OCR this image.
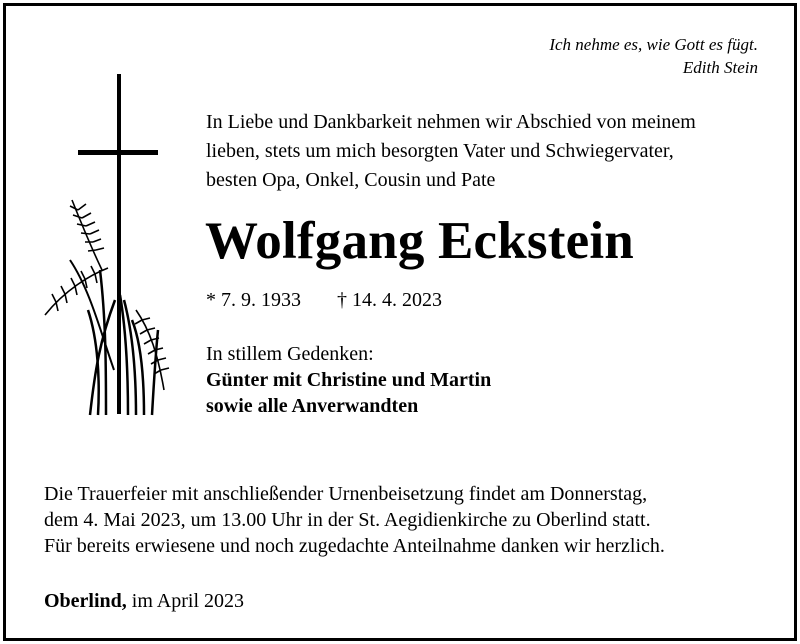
Ich nehme es, wie Gott es fügt.
Edith Stein
In Liebe und Dankbarkeit nehmen wir Abschied von meinem
lieben, stets um mich besorgten Vater und Schwiegervater,
besten Opa, Onkel, Cousin und Pate
Wolfgang Eckstein
* 7. 9. 1933 † 14. 4. 2023
In stillem Gedenken:
Günter mit Christine und Martin
sowie alle Anverwandten
Die Trauerfeier mit anschließender Urnenbeisetzung findet am Donnerstag,
dem 4. Mai 2023, um 13.00 Uhr in der St. Aegidienkirche zu Oberlind statt.
Für bereits erwiesene und noch zugedachte Anteilnahme danken wir herzlich.
Oberlind, im April 2023
